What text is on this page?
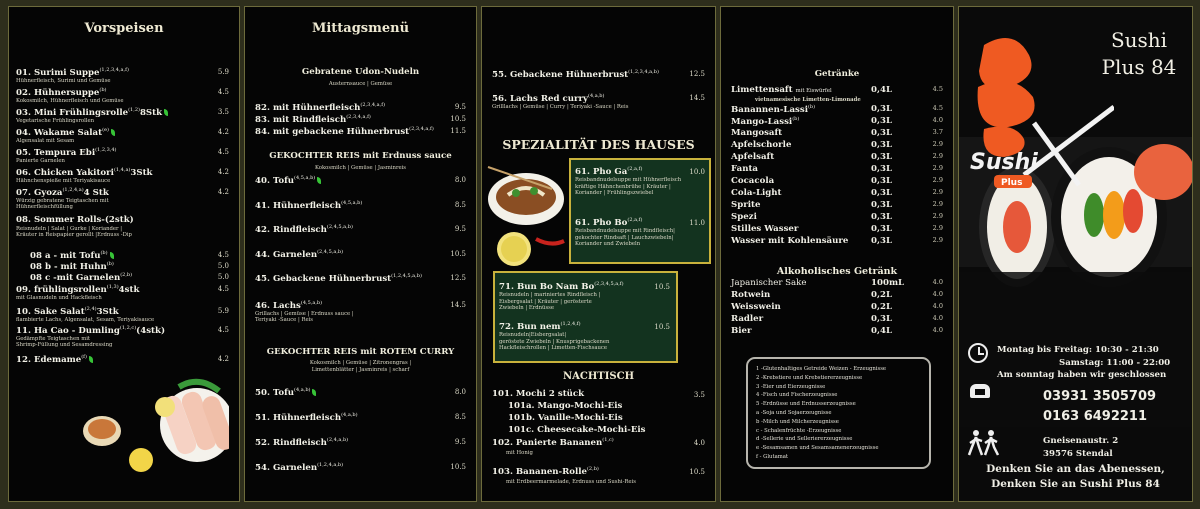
Vorspeisen
01. Surimi Suppe$^{(1,2,3,4,a,f)}$	5.9
Hühnerfleisch, Surimi und Gemüse
02. Hühnersuppe$^{(b)}$	4.5
Kokosmilch, Hühnerfleisch und Gemüse
03. Mini Frühlingsrolle$^{(1,2)}$8Stk	3.5
Vegetarische Frühlingsrollen
04. Wakame Salat$^{(e)}$	4.2
Algensalat mit Sesam
05. Tempura Ebi$^{(1,2,3,4)}$	4.5
Panierte Garnelen
06. Chicken Yakitori$^{(1,4,a)}$3Stk	4.2
Hähnchenspieße mit Teriyakisauce
07. Gyoza$^{(1,2,4,a)}$4 Stk	4.2
Würzig gebratene Teigtaschen mit
Hühnerfleischfüllung
08. Sommer Rolls-(2stk)
Reisnudeln | Salat | Gurke | Koriander |
Kräuter in Reispapier gerollt |Erdnuss -Dip
08 a - mit Tofu$^{(b)}$	4.5
08 b - mit Huhn$^{(b)}$	5.0
08 c -mit Garnelen$^{(2,b)}$	5.0
09. frühlingsrollen$^{(1,3)}$4stk	4.5
mit Glasnudeln und Hackfleisch
10. Sake Salat$^{(2,4)}$3Stk	5.9
flambierte Lachs, Algensalat, Sesam, Teriyakisauce
11. Ha Cao - Dumling$^{(1,2,c)}$(4stk)	4.5
Gedämpfte Teigtaschen mit
Shrimp-Füllung und Sesamdressing
12. Edemame$^{(f)}$	4.2
Mittagsmenü
Gebratene Udon-Nudeln
Austernsauce | Gemüse
82. mit Hühnerfleisch$^{(2,3,4,a,f)}$	9.5
83. mit Rindfleisch$^{(2,3,4,a,f)}$	10.5
84. mit gebackene Hühnerbrust$^{(2,3,4,a,f)}$ 11.5
GEKOCHTER REIS mit Erdnuss sauce
Kokosmilch | Gemüse | Jasminreis
40. Tofu$^{(4,5,a,b)}$	8.0
41. Hühnerfleisch$^{(4,5,a,b)}$	8.5
42. Rindfleisch$^{(2,4,5,a,b)}$	9.5
44. Garnelen$^{(2,4,5,a,b)}$	10.5
45. Gebackene Hühnerbrust$^{(1,2,4,5,a,b)}$	12.5
46. Lachs$^{(4,5,a,b)}$	14.5
Grillachs | Gemüse | Erdnuss sauce |
Teriyaki -Sauce | Reis
GEKOCHTER REIS mit ROTEM CURRY
Kokosmilch | Gemüse | Zitronengras |
Limettenblätter | Jasminreis | scharf
50. Tofu$^{(4,a,b)}$	8.0
51. Hühnerfleisch$^{(4,a,b)}$	8.5
52. Rindfleisch$^{(2,4,a,b)}$	9.5
54. Garnelen$^{(1,2,4,a,b)}$	10.5
55. Gebackene Hühnerbrust$^{(1,2,3,4,a,b)}$	12.5
56. Lachs Red curry$^{(4,a,b)}$	14.5
Grilllachs | Gemüse | Curry | Teriyaki -Sauce | Reis
SPEZIALITÄT DES HAUSES
61. Pho Ga$^{(2,a,f)}$	10.0
Reisbandnudelsuppe mit Hühnerfleisch
kräftige Hähnchenbrühe | Kräuter |
Koriander | Frühlingszwiebel
61. Pho Bo$^{(2,a,f)}$	11.0
Reisbandnudelsuppe mit Rindfleisch|
gekochter Rindsaft | Lauchzwiebeln|
Koriander und Zwiebeln
71. Bun Bo Nam Bo$^{(2,3,4,5,a,f)}$	10.5
Reisnudeln | mariniertes Rindfleisch |
Eisbergsalat | Kräuter | gerösterte
Zwiebeln | Erdnüsse
72. Bun nem$^{(1,2,4,f)}$	10.5
Reisnudeln|Eisbergsalat|
geröstete Zwiebeln | Knusprigebackenen
Hackfleischrollen | Limetten-Fischsauce
NACHTISCH
101. Mochi 2 stück	3.5
101a. Mango-Mochi-Eis
101b. Vanille-Mochi-Eis
101c. Cheesecake-Mochi-Eis
102. Panierte Bananen$^{(1,c)}$	4.0
mit Honig
103. Bananen-Rolle$^{(2,b)}$	10.5
mit Erdbeermarmelade, Erdnuss und Sushi-Reis
Getränke
Limettensaft mit Eiswürfel	0,4L	4.5
vietnamesische Limetten-Limonade
Banannen-Lassi$^{(b)}$	0,3L	4.5
Mango-Lassi$^{(b)}$	0,3L	4.0
Mangosaft	0,3L	3.7
Apfelschorle	0,3L	2.9
Apfelsaft	0,3L	2.9
Fanta	0,3L	2.9
Cocacola	0,3L	2.9
Cola-Light	0,3L	2.9
Sprite	0,3L	2.9
Spezi	0,3L	2.9
Stilles Wasser	0,3L	2.9
Wasser mit Kohlensäure	0,3L	2.9
Alkoholisches Getränk
Japanischer Sake	100mL	4.0
Rotwein	0,2L	4.0
Weisswein	0,2L	4.0
Radler	0,3L	4.0
Bier	0,4L	4.0
1 -Glutenhaltiges Getreide Weizen - Erzeugnisse
2 -Krebstiere und Krebstiererzeugnisse
3 -Eier und Eierzeugnisse
4 -Fisch und Fischerzeugnisse
5 -Erdnüsse und Erdnusserzeugnisse
a -Soja und Sojaerzeugnisse
b -Milch und Milcherzeugnisse
c - Schalenfrüchte -Erzeugnisse
d -Sellerie und Selleriererzeugnisse
e -Sesamsamen und Sesamsamenerzeugnisse
f - Glutamat
Sushi
Plus
Sushi
Plus 84
Montag bis Freitag: 10:30 - 21:30
Samstag: 11:00 - 22:00
Am sonntag haben wir geschlossen
03931 3505709
0163 6492211
Gneisenaustr. 2
39576 Stendal
Denken Sie an das Abenessen,
Denken Sie an Sushi Plus 84
